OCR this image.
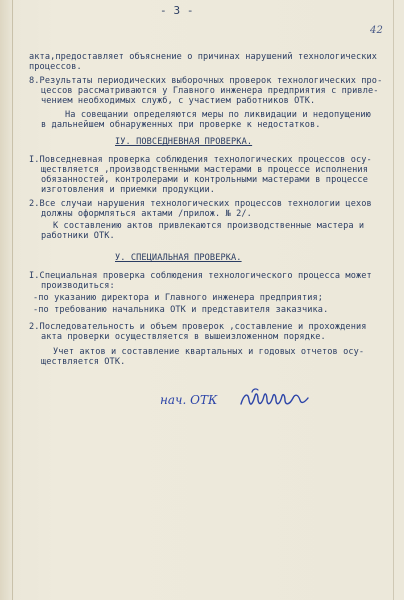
- 3 -
42
акта,предоставляет объяснение о причинах нарушений технологических
процессов.
8.Результаты периодических выборочных проверок технологических про-
цессов рассматриваются у Главного инженера предприятия с привле-
чением необходимых служб, с участием работников ОТК.
На совещании определяются меры по ликвидации и недопущению
в дальнейшем обнаруженных при проверке к недостатков.
IУ. ПОВСЕДНЕВНАЯ ПРОВЕРКА.
I.Повседневная проверка соблюдения технологических процессов осу-
ществляется ,производственными мастерами в процессе исполнения
обязанностей, контролерами и контрольными мастерами в процессе
изготовления и приемки продукции.
2.Все случаи нарушения технологических процессов технологии цехов
должны оформляться актами /прилож. № 2/.
К составлению актов привлекаются производственные мастера и
работники ОТК.
У. СПЕЦИАЛЬНАЯ ПРОВЕРКА.
I.Специальная проверка соблюдения технологического процесса может
производиться:
-по указанию директора и Главного инженера предприятия;
-по требованию начальника ОТК и представителя заказчика.
2.Последовательность и объем проверок ,составление и прохождения
акта проверки осуществляется в вышеизложенном порядке.
Учет актов и составление квартальных и годовых отчетов осу-
ществляется ОТК.
нач. ОТК
